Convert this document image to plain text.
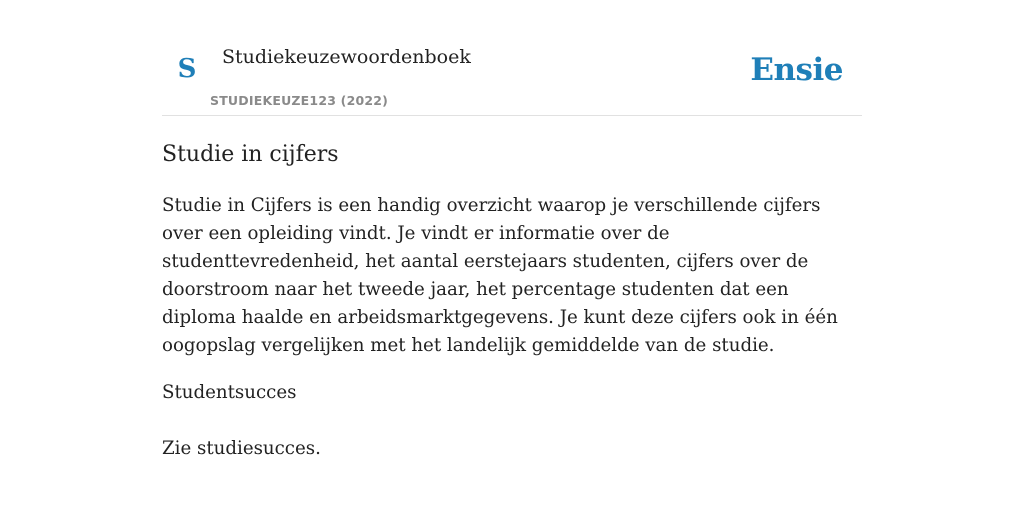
S Studiekeuzewoordenboek
STUDIEKEUZE123 (2022)
Ensie
Studie in cijfers

Studie in Cijfers is een handig overzicht waarop je verschillende cijfers over een opleiding vindt. Je vindt er informatie over de studenttevredenheid, het aantal eerstejaars studenten, cijfers over de doorstroom naar het tweede jaar, het percentage studenten dat een diploma haalde en arbeidsmarktgegevens. Je kunt deze cijfers ook in één oogopslag vergelijken met het landelijk gemiddelde van de studie.

Studentsucces

Zie studiesucces.
